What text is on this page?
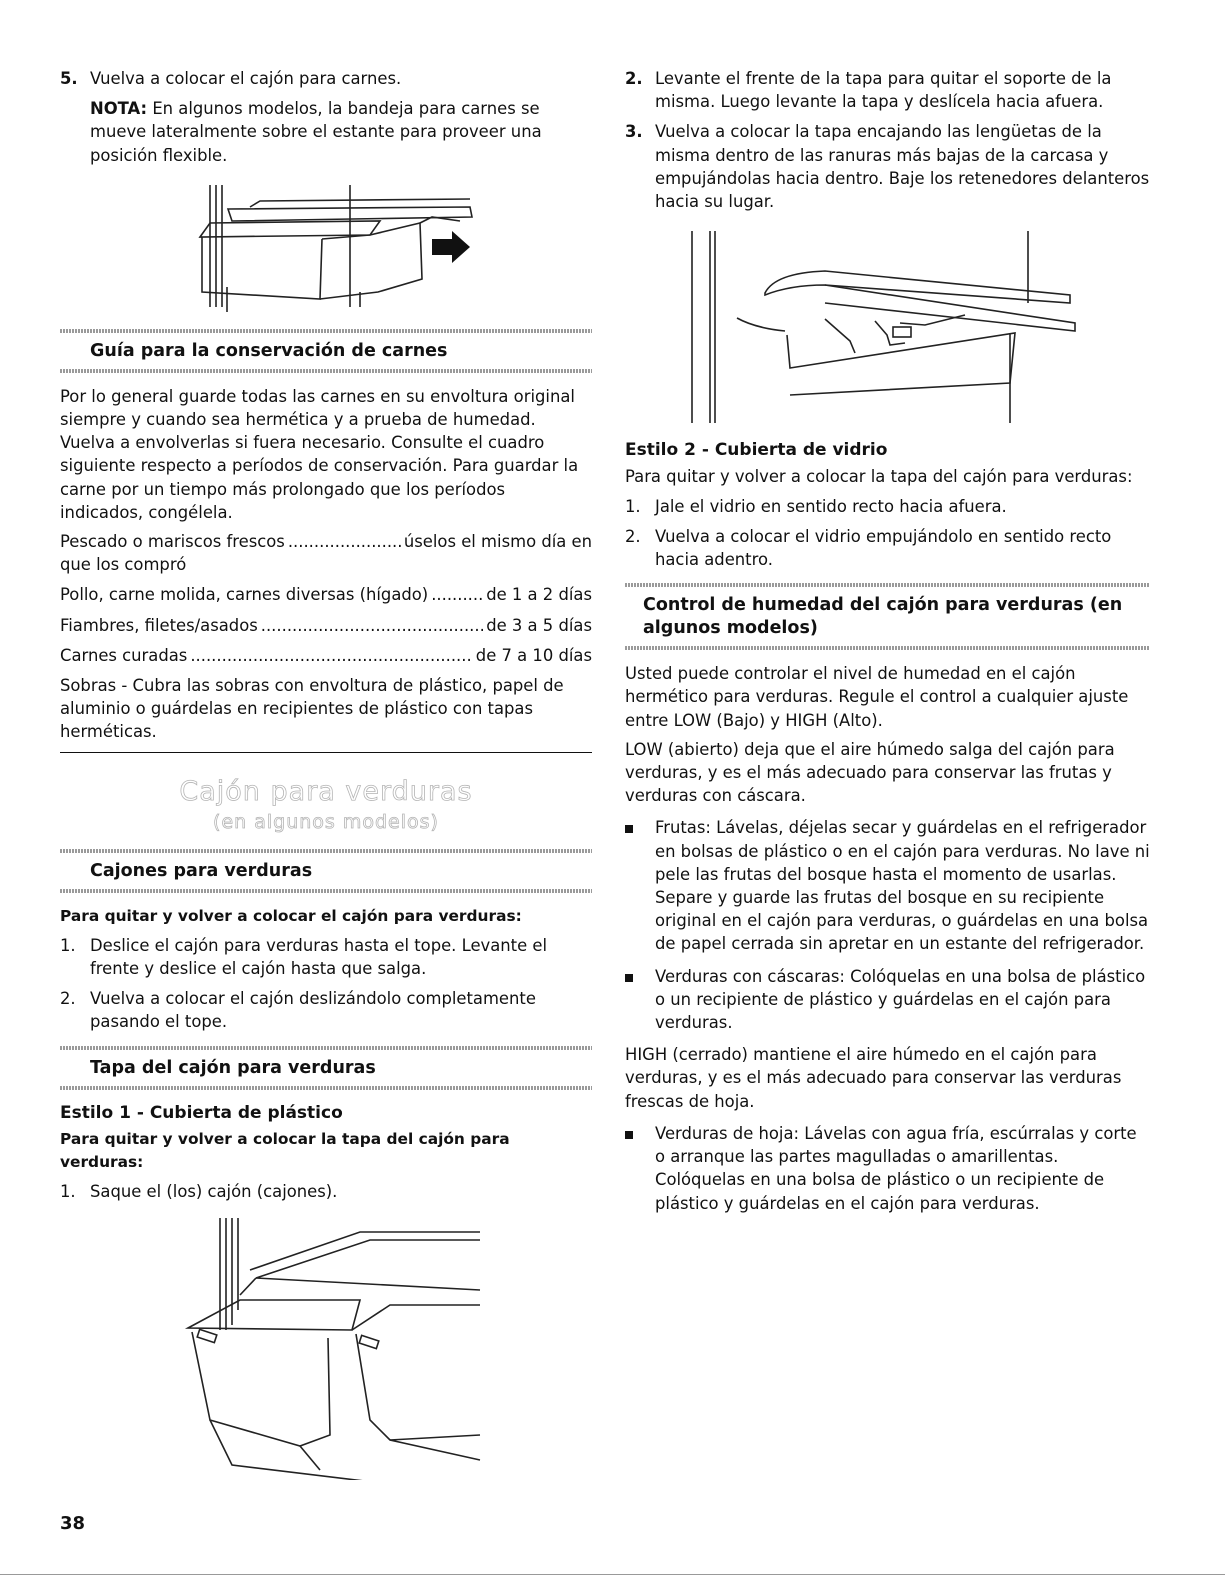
5. Vuelva a colocar el cajón para carnes.

NOTA: En algunos modelos, la bandeja para carnes se mueve lateralmente sobre el estante para proveer una posición flexible.

Guía para la conservación de carnes

Por lo general guarde todas las carnes en su envoltura original siempre y cuando sea hermética y a prueba de humedad. Vuelva a envolverlas si fuera necesario. Consulte el cuadro siguiente respecto a períodos de conservación. Para guardar la carne por un tiempo más prolongado que los períodos indicados, congélela.

Pescado o mariscos frescos .....	úselos el mismo día en

que los compró

Pollo, carne molida, carnes diversas (hígado) .....	de 1 a 2 días
Fiambres, filetes/asados .....	de 3 a 5 días
Carnes curadas .....	de 7 a 10 días

Sobras - Cubra las sobras con envoltura de plástico, papel de aluminio o guárdelas en recipientes de plástico con tapas herméticas.

Cajón para verduras
(en algunos modelos)
Cajones para verduras
Para quitar y volver a colocar el cajón para verduras:
1. Deslice el cajón para verduras hasta el tope. Levante el frente y deslice el cajón hasta que salga.
2. Vuelva a colocar el cajón deslizándolo completamente pasando el tope.
Tapa del cajón para verduras
Estilo 1 - Cubierta de plástico
Para quitar y volver a colocar la tapa del cajón para verduras:
1. Saque el (los) cajón (cajones).
2. Levante el frente de la tapa para quitar el soporte de la misma. Luego levante la tapa y deslícela hacia afuera.
3. Vuelva a colocar la tapa encajando las lengüetas de la misma dentro de las ranuras más bajas de la carcasa y empujándolas hacia dentro. Baje los retenedores delanteros hacia su lugar.
Estilo 2 - Cubierta de vidrio

Para quitar y volver a colocar la tapa del cajón para verduras:

1. Jale el vidrio en sentido recto hacia afuera.
2. Vuelva a colocar el vidrio empujándolo en sentido recto hacia adentro.
Control de humedad del cajón para verduras (en algunos modelos)

Usted puede controlar el nivel de humedad en el cajón hermético para verduras. Regule el control a cualquier ajuste entre LOW (Bajo) y HIGH (Alto).

LOW (abierto) deja que el aire húmedo salga del cajón para verduras, y es el más adecuado para conservar las frutas y verduras con cáscara.

Frutas: Lávelas, déjelas secar y guárdelas en el refrigerador en bolsas de plástico o en el cajón para verduras. No lave ni pele las frutas del bosque hasta el momento de usarlas. Separe y guarde las frutas del bosque en su recipiente original en el cajón para verduras, o guárdelas en una bolsa de papel cerrada sin apretar en un estante del refrigerador.
Verduras con cáscaras: Colóquelas en una bolsa de plástico o un recipiente de plástico y guárdelas en el cajón para verduras.

HIGH (cerrado) mantiene el aire húmedo en el cajón para verduras, y es el más adecuado para conservar las verduras frescas de hoja.

Verduras de hoja: Lávelas con agua fría, escúrralas y corte o arranque las partes magulladas o amarillentas. Colóquelas en una bolsa de plástico o un recipiente de plástico y guárdelas en el cajón para verduras.
38
